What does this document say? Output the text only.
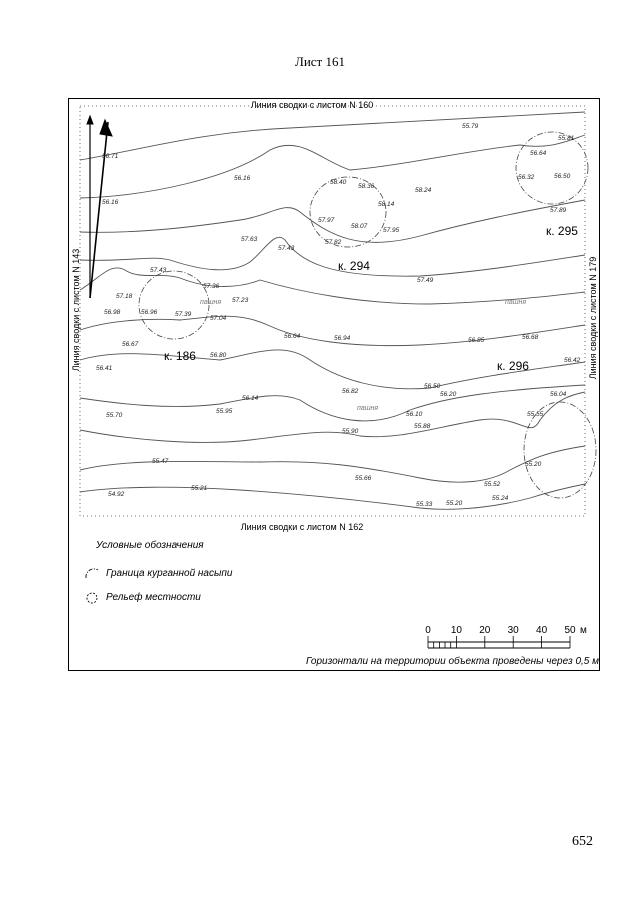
Лист 161
Линия сводки с листом N 160
Линия сводки с листом N 162
Линия сводки с листом N 143	Линия сводки с листом N 179
к. 186
к. 294
к. 295
к. 296
пашня	пашня
пашня
55.79
55.81
56.64
56.32	56.50
56.71
56.16
58.40
58.36
58.24
58.14
57.97
58.07
57.95
57.82
57.89
56.16
57.63
57.43
57.49
57.43
57.36
57.18
57.23
56.98	56.96	57.39
57.04
56.67
56.80
56.64	56.94	56.85	56.68
56.41
56.42
56.14
56.82
56.50
56.20	56.04
55.70
55.95
55.90
56.10
55.88
55.55
55.47	55.20
55.66
55.52
54.92
55.21
55.33 55.20
55.24
0 10 20 30 40 50 м
Условные обозначения
Граница курганной насыпи
Рельеф местности
Горизонтали на территории объекта проведены через 0,5 м
652
